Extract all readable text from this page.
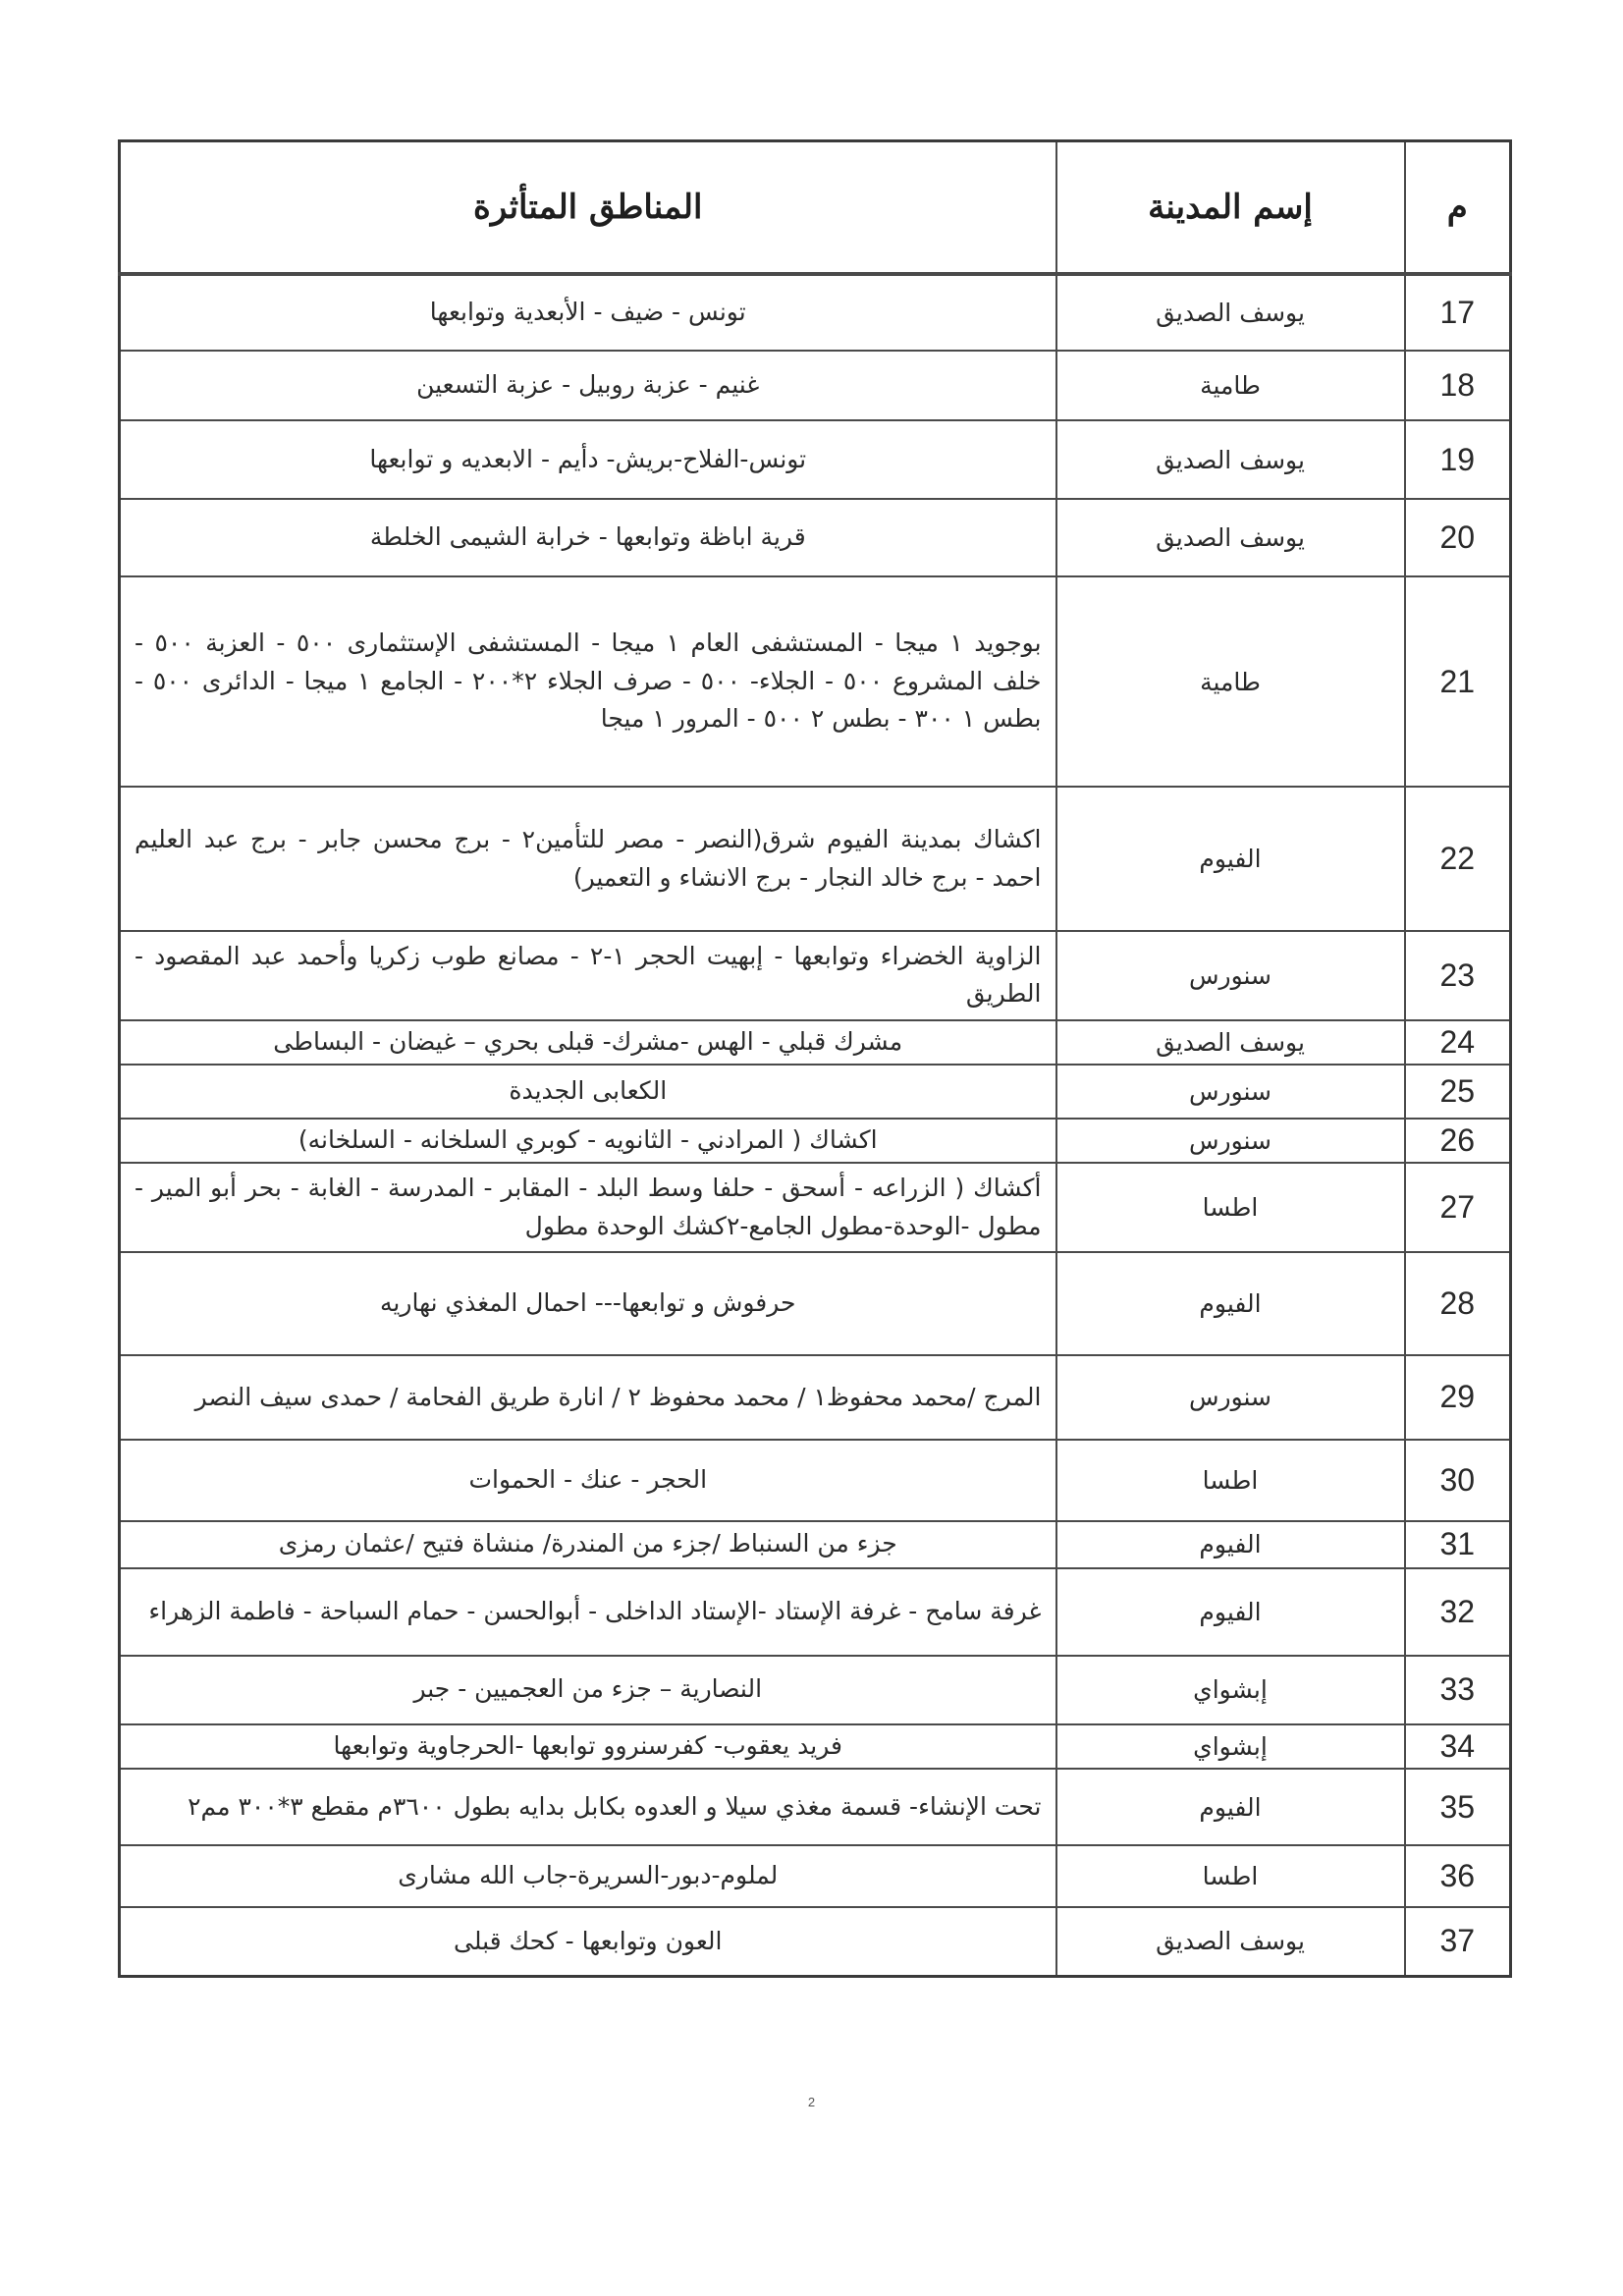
م	إسم المدينة	المناطق المتأثرة
17	يوسف الصديق	تونس - ضيف - الأبعدية وتوابعها
18	طامية	غنيم - عزبة روبيل - عزبة التسعين
19	يوسف الصديق	تونس-الفلاح-بريش- دأيم - الابعديه و توابعها
20	يوسف الصديق	قرية اباظة وتوابعها - خرابة الشيمى الخلطة
21	طامية	بوجويد ١ ميجا - المستشفى العام ١ ميجا - المستشفى الإستثمارى ٥٠٠ - العزبة ٥٠٠ - خلف المشروع ٥٠٠ - الجلاء- ٥٠٠ - صرف الجلاء ٢*٢٠٠ - الجامع ١ ميجا - الدائرى ٥٠٠ - بطس ١ ٣٠٠ - بطس ٢ ٥٠٠ - المرور ١ ميجا
22	الفيوم	اكشاك بمدينة الفيوم شرق(النصر - مصر للتأمين٢ - برج محسن جابر - برج عبد العليم احمد - برج خالد النجار - برج الانشاء و التعمير)
23	سنورس	الزاوية الخضراء وتوابعها - إبهيت الحجر ١-٢ - مصانع طوب زكريا وأحمد عبد المقصود - الطريق
24	يوسف الصديق	مشرك قبلي - الهس -مشرك- قبلى بحري – غيضان - البساطى
25	سنورس	الكعابى الجديدة
26	سنورس	اكشاك ( المرادني - الثانويه - كوبري السلخانه - السلخانه)
27	اطسا	أكشاك ( الزراعه - أسحق - حلفا وسط البلد - المقابر - المدرسة - الغابة - بحر أبو المير - مطول -الوحدة-مطول الجامع-٢كشك الوحدة مطول
28	الفيوم	حرفوش و توابعها--- احمال المغذي نهاريه
29	سنورس	المرج /محمد محفوظ١ / محمد محفوظ ٢ / انارة طريق الفحامة / حمدى سيف النصر
30	اطسا	الحجر - عنك - الحموات
31	الفيوم	جزء من السنباط /جزء من المندرة/ منشاة فتيح /عثمان رمزى
32	الفيوم	غرفة سامح - غرفة الإستاد -الإستاد الداخلى - أبوالحسن - حمام السباحة - فاطمة الزهراء
33	إبشواي	النصارية – جزء من العجميين - جبر
34	إبشواي	فريد يعقوب- كفرسنروو توابعها -الحرجاوية وتوابعها
35	الفيوم	تحت الإنشاء- قسمة مغذي سيلا و العدوه بكابل بدايه بطول ٣٦٠٠م مقطع ٣*٣٠٠ مم٢
36	اطسا	لملوم-دبور-السريرة-جاب الله مشارى
37	يوسف الصديق	العون وتوابعها - كحك قبلى
2
